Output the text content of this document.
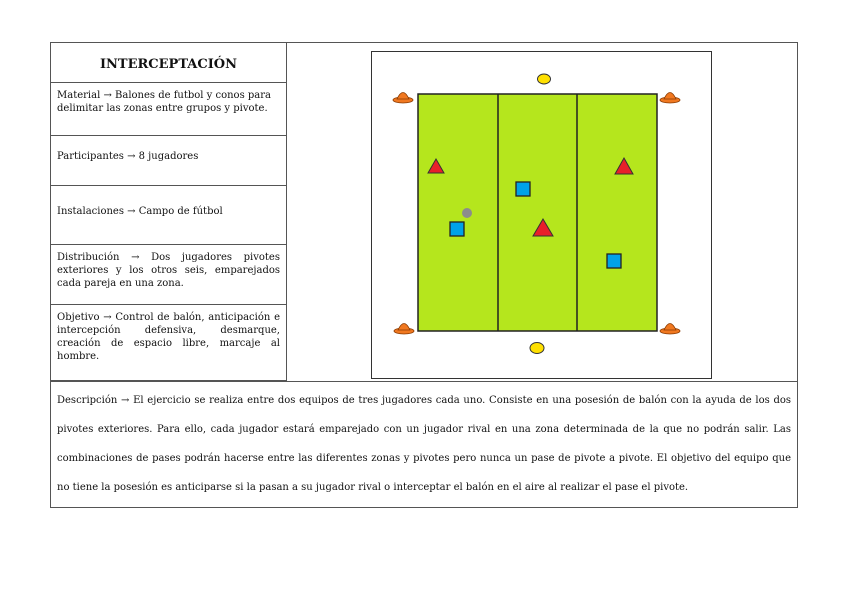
INTERCEPTACIÓN
Material → Balones de futbol y conos para delimitar las zonas entre grupos y pivote.
Participantes → 8 jugadores
Instalaciones → Campo de fútbol
Distribución → Dos jugadores pivotes exteriores y los otros seis, emparejados cada pareja en una zona.
Objetivo → Control de balón, anticipación e intercepción defensiva, desmarque, creación de espacio libre, marcaje al hombre.
Descripción → El ejercicio se realiza entre dos equipos de tres jugadores cada uno. Consiste en una posesión de balón con la ayuda de los dos pivotes exteriores. Para ello, cada jugador estará emparejado con un jugador rival en una zona determinada de la que no podrán salir. Las combinaciones de pases podrán hacerse entre las diferentes zonas y pivotes pero nunca un pase de pivote a pivote. El objetivo del equipo que no tiene la posesión es anticiparse si la pasan a su jugador rival o interceptar el balón en el aire al realizar el pase el pivote.
